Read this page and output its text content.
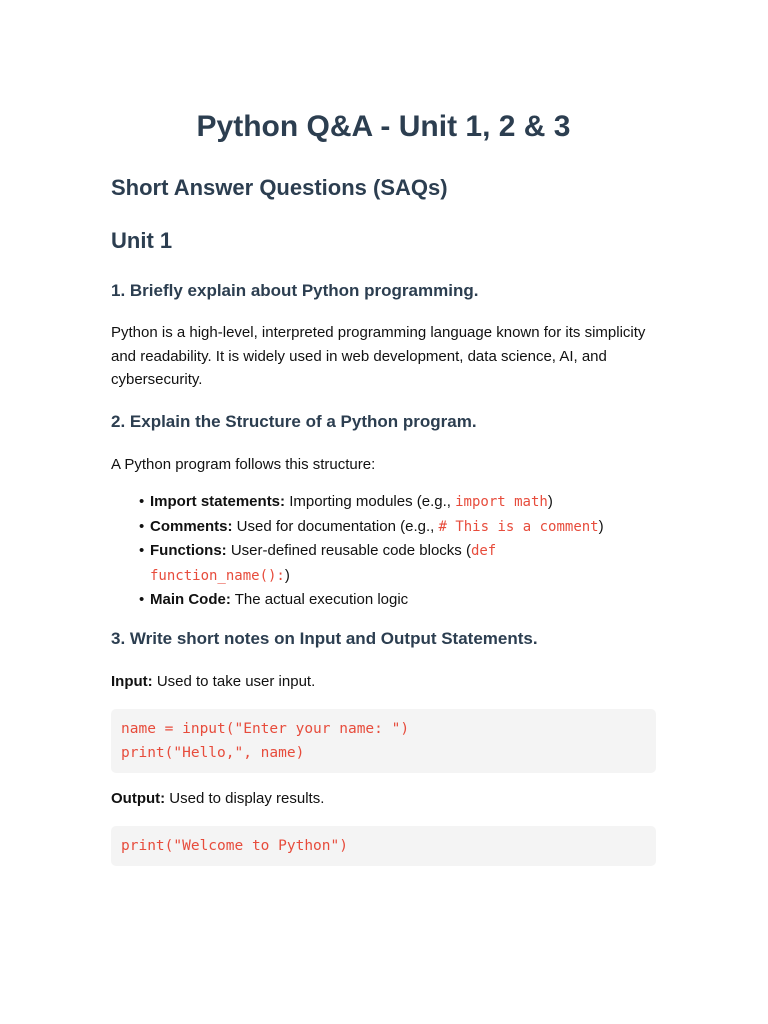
Python Q&A - Unit 1, 2 & 3
Short Answer Questions (SAQs)
Unit 1
1. Briefly explain about Python programming.

Python is a high-level, interpreted programming language known for its simplicity and readability. It is widely used in web development, data science, AI, and cybersecurity.

2. Explain the Structure of a Python program.

A Python program follows this structure:

• Import statements: Importing modules (e.g., import math)
• Comments: Used for documentation (e.g., # This is a comment)
• Functions: User-defined reusable code blocks (def function_name():)
• Main Code: The actual execution logic
3. Write short notes on Input and Output Statements.

Input: Used to take user input.

name = input("Enter your name: ")
print("Hello,", name)

Output: Used to display results.

print("Welcome to Python")
